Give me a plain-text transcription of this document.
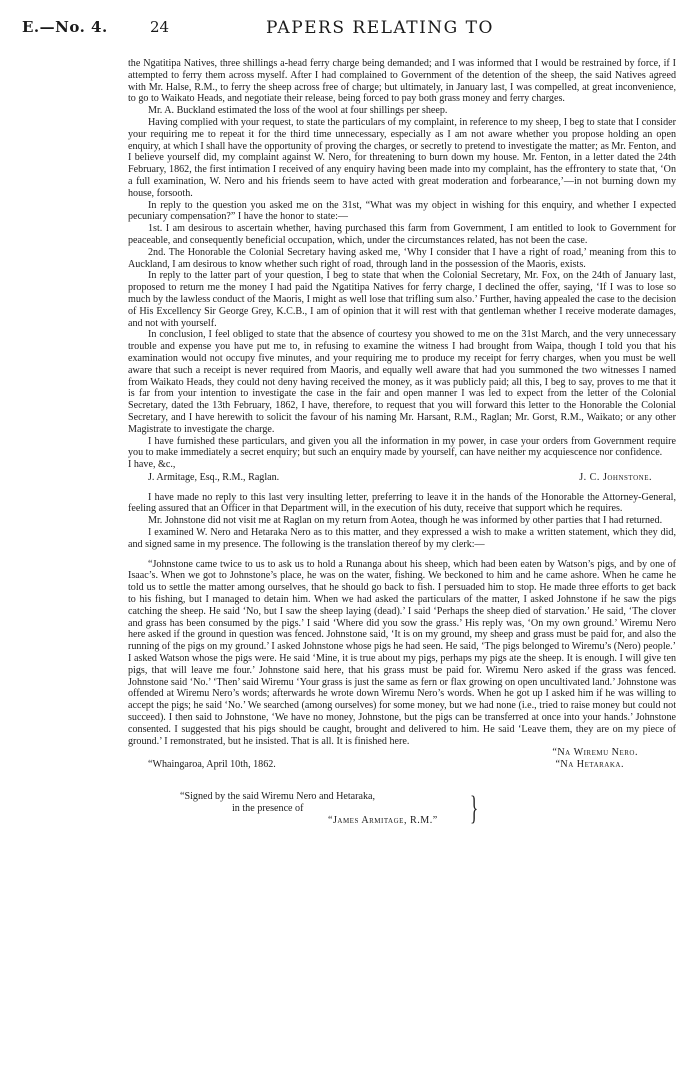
E.—No. 4.	24	PAPERS RELATING TO

the Ngatitipa Natives, three shillings a-head ferry charge being demanded; and I was informed that I would be restrained by force, if I attempted to ferry them across myself. After I had complained to Government of the detention of the sheep, the said Natives agreed with Mr. Halse, R.M., to ferry the sheep across free of charge; but ultimately, in January last, I was compelled, at great inconvenience, to go to Waikato Heads, and negotiate their release, being forced to pay both grass money and ferry charges.

Mr. A. Buckland estimated the loss of the wool at four shillings per sheep.

Having complied with your request, to state the particulars of my complaint, in reference to my sheep, I beg to state that I consider your requiring me to repeat it for the third time unnecessary, especially as I am not aware whether you propose holding an open enquiry, at which I shall have the opportunity of proving the charges, or secretly to pretend to investigate the matter; as Mr. Fenton, and I believe yourself did, my complaint against W. Nero, for threatening to burn down my house. Mr. Fenton, in a letter dated the 24th February, 1862, the first intimation I received of any enquiry having been made into my complaint, has the effrontery to state that, ‘On a full examination, W. Nero and his friends seem to have acted with great moderation and forbearance,’—in not burning down my house, forsooth.

In reply to the question you asked me on the 31st, “What was my object in wishing for this enquiry, and whether I expected pecuniary compensation?” I have the honor to state:—

1st. I am desirous to ascertain whether, having purchased this farm from Government, I am entitled to look to Government for peaceable, and consequently beneficial occupation, which, under the circumstances related, has not been the case.

2nd. The Honorable the Colonial Secretary having asked me, ‘Why I consider that I have a right of road,’ meaning from this to Auckland, I am desirous to know whether such right of road, through land in the possession of the Maoris, exists.

In reply to the latter part of your question, I beg to state that when the Colonial Secretary, Mr. Fox, on the 24th of January last, proposed to return me the money I had paid the Ngatitipa Natives for ferry charge, I declined the offer, saying, ‘If I was to lose so much by the lawless conduct of the Maoris, I might as well lose that trifling sum also.’ Further, having appealed the case to the decision of His Excellency Sir George Grey, K.C.B., I am of opinion that it will rest with that gentleman whether I receive moderate damages, and not with yourself.

In conclusion, I feel obliged to state that the absence of courtesy you showed to me on the 31st March, and the very unnecessary trouble and expense you have put me to, in refusing to examine the witness I had brought from Waipa, though I told you that his examination would not occupy five minutes, and your requiring me to produce my receipt for ferry charges, when you must be well aware that such a receipt is never required from Maoris, and equally well aware that had you summoned the two witnesses I named from Waikato Heads, they could not deny having received the money, as it was publicly paid; all this, I beg to say, proves to me that it is far from your intention to investigate the case in the fair and open manner I was led to expect from the letter of the Colonial Secretary, dated the 13th February, 1862, I have, therefore, to request that you will forward this letter to the Honorable the Colonial Secretary, and I have herewith to solicit the favour of his naming Mr. Harsant, R.M., Raglan; Mr. Gorst, R.M., Waikato; or any other Magistrate to investigate the charge.

I have furnished these particulars, and given you all the information in my power, in case your orders from Government require you to make immediately a secret enquiry; but such an enquiry made by yourself, can have neither my acquiescence nor confidence.

I have, &c.,

J. Armitage, Esq., R.M., Raglan.	J. C. Johnstone.

I have made no reply to this last very insulting letter, preferring to leave it in the hands of the Honorable the Attorney-General, feeling assured that an Officer in that Department will, in the execution of his duty, receive that support which he requires.

Mr. Johnstone did not visit me at Raglan on my return from Aotea, though he was informed by other parties that I had returned.

I examined W. Nero and Hetaraka Nero as to this matter, and they expressed a wish to make a written statement, which they did, and signed same in my presence. The following is the translation thereof by my clerk:—

“Johnstone came twice to us to ask us to hold a Runanga about his sheep, which had been eaten by Watson’s pigs, and by one of Isaac’s. When we got to Johnstone’s place, he was on the water, fishing. We beckoned to him and he came ashore. When he came he told us to settle the matter among ourselves, that he should go back to fish. I persuaded him to stop. He made three efforts to get back to his fishing, but I managed to detain him. When we had asked the particulars of the matter, I asked Johnstone if he saw the pigs catching the sheep. He said ‘No, but I saw the sheep laying (dead).’ I said ‘Perhaps the sheep died of starvation.’ He said, ‘The clover and grass has been consumed by the pigs.’ I said ‘Where did you sow the grass.’ His reply was, ‘On my own ground.’ Wiremu Nero here asked if the ground in question was fenced. Johnstone said, ‘It is on my ground, my sheep and grass must be paid for, and also the running of the pigs on my ground.’ I asked Johnstone whose pigs he had seen. He said, ‘The pigs belonged to Wiremu’s (Nero) people.’ I asked Watson whose the pigs were. He said ‘Mine, it is true about my pigs, perhaps my pigs ate the sheep. It is enough. I will give ten pigs, that will leave me four.’ Johnstone said here, that his grass must be paid for. Wiremu Nero asked if the grass was fenced. Johnstone said ‘No.’ ‘Then’ said Wiremu ‘Your grass is just the same as fern or flax growing on open uncultivated land.’ Johnstone was offended at Wiremu Nero’s words; afterwards he wrote down Wiremu Nero’s words. When he got up I asked him if he was willing to accept the pigs; he said ‘No.’ We searched (among ourselves) for some money, but we had none (i.e., tried to raise money but could not succeed). I then said to Johnstone, ‘We have no money, Johnstone, but the pigs can be transferred at once into your hands.’ Johnstone consented. I suggested that his pigs should be caught, brought and delivered to him. He said ‘Leave them, they are on my piece of ground.’ I remonstrated, but he insisted. That is all. It is finished here.

“Na Wiremu Nero.
“Whaingaroa, April 10th, 1862.	“Na Hetaraka.
“Signed by the said Wiremu Nero and Hetaraka,
in the presence of
“James Armitage, R.M.” }
